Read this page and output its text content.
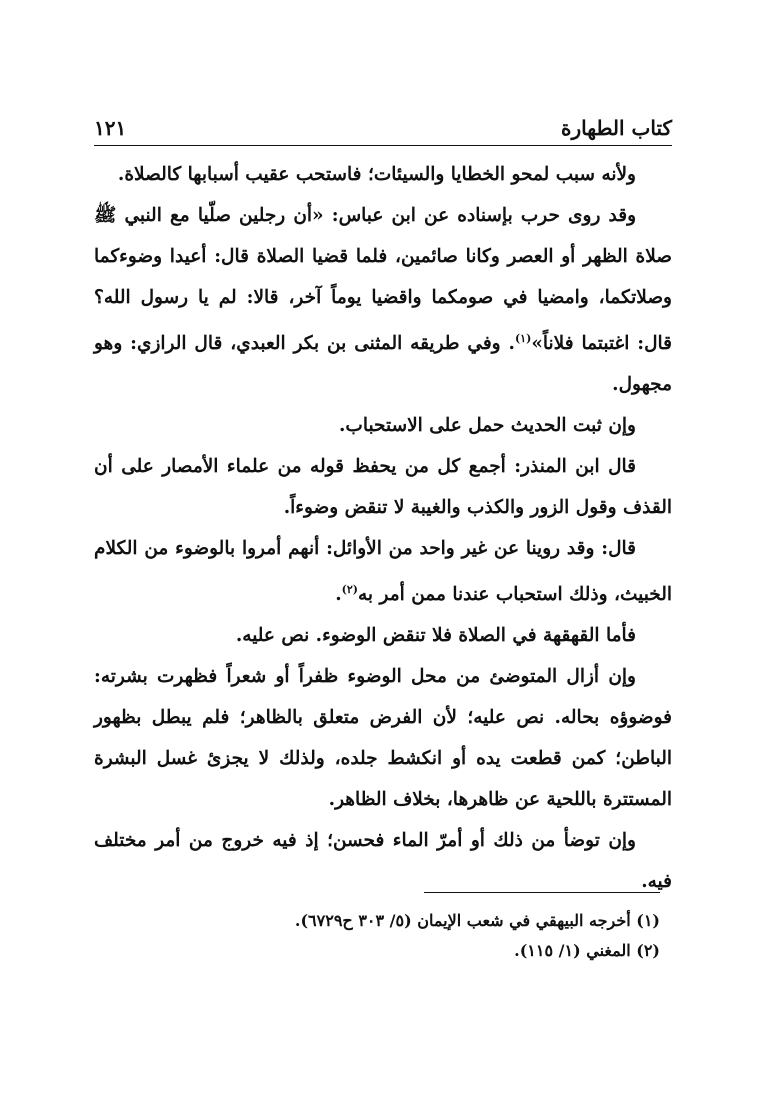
كتاب الطهارة
١٢١

ولأنه سبب لمحو الخطايا والسيئات؛ فاستحب عقيب أسبابها كالصلاة.

وقد روى حرب بإسناده عن ابن عباس: «أن رجلين صلّيا مع النبي ﷺ صلاة الظهر أو العصر وكانا صائمين، فلما قضيا الصلاة قال: أعيدا وضوءكما وصلاتكما، وامضيا في صومكما واقضيا يوماً آخر، قالا: لم يا رسول الله؟ قال: اغتبتما فلاناً»$^{(١)}$. وفي طريقه المثنى بن بكر العبدي، قال الرازي: وهو مجهول.

وإن ثبت الحديث حمل على الاستحباب.

قال ابن المنذر: أجمع كل من يحفظ قوله من علماء الأمصار على أن القذف وقول الزور والكذب والغيبة لا تنقض وضوءاً.

قال: وقد روينا عن غير واحد من الأوائل: أنهم أمروا بالوضوء من الكلام الخبيث، وذلك استحباب عندنا ممن أمر به$^{(٢)}$.

فأما القهقهة في الصلاة فلا تنقض الوضوء. نص عليه.

وإن أزال المتوضئ من محل الوضوء ظفراً أو شعراً فظهرت بشرته: فوضوؤه بحاله. نص عليه؛ لأن الفرض متعلق بالظاهر؛ فلم يبطل بظهور الباطن؛ كمن قطعت يده أو انكشط جلده، ولذلك لا يجزئ غسل البشرة المستترة باللحية عن ظاهرها، بخلاف الظاهر.

وإن توضأ من ذلك أو أمرّ الماء فحسن؛ إذ فيه خروج من أمر مختلف فيه.

(١) أخرجه البيهقي في شعب الإيمان (٥/ ٣٠٣ ح٦٧٢٩).

(٢) المغني (١/ ١١٥).
